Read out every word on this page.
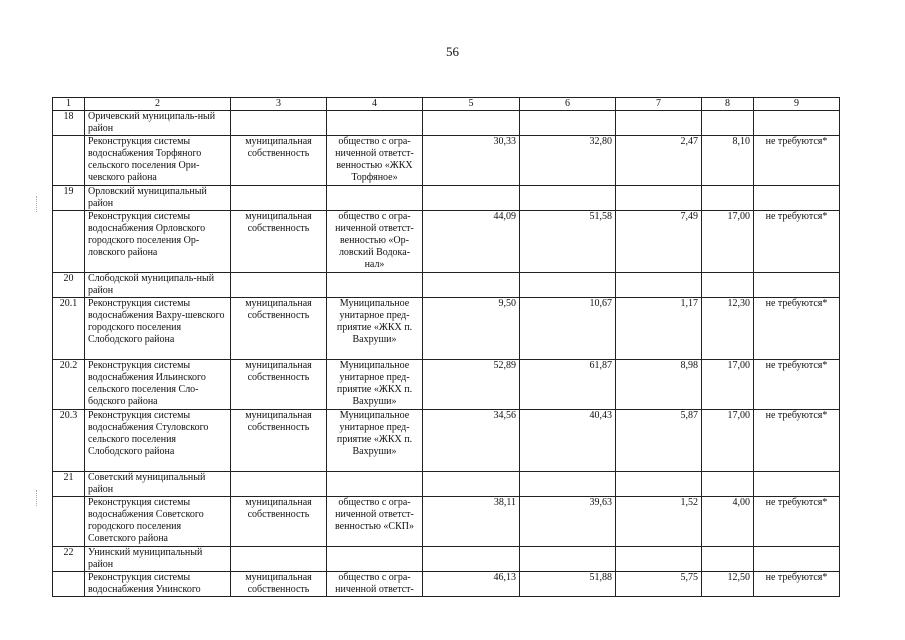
56
1	2	3	4	5	6	7	8	9
18	Оричевский муниципаль-ный район							
	Реконструкция системы водоснабжения Торфяного сельского поселения Ори-чевского района	муниципальная собственность	общество с огра-ниченной ответст-венностью «ЖКХ Торфяное»	30,33	32,80	2,47	8,10	не требуются*
19	Орловский муниципальный район							
	Реконструкция системы водоснабжения Орловского городского поселения Ор-ловского района	муниципальная собственность	общество с огра-ниченной ответст-венностью «Ор-ловский Водока-нал»	44,09	51,58	7,49	17,00	не требуются*
20	Слободской муниципаль-ный район							
20.1	Реконструкция системы водоснабжения Вахру-шевского городского поселения Слободского района	муниципальная собственность	Муниципальное унитарное пред-приятие «ЖКХ п. Вахруши»	9,50	10,67	1,17	12,30	не требуются*
20.2	Реконструкция системы водоснабжения Ильинского сельского поселения Сло-бодского района	муниципальная собственность	Муниципальное унитарное пред-приятие «ЖКХ п. Вахруши»	52,89	61,87	8,98	17,00	не требуются*
20.3	Реконструкция системы водоснабжения Стуловского сельского поселения Слободского района	муниципальная собственность	Муниципальное унитарное пред-приятие «ЖКХ п. Вахруши»	34,56	40,43	5,87	17,00	не требуются*
21	Советский муниципальный район							
	Реконструкция системы водоснабжения Советского городского поселения Советского района	муниципальная собственность	общество с огра-ниченной ответст-венностью «СКП»	38,11	39,63	1,52	4,00	не требуются*
22	Унинский муниципальный район							
	Реконструкция системы водоснабжения Унинского	муниципальная собственность	общество с огра-ниченной ответст-	46,13	51,88	5,75	12,50	не требуются*
